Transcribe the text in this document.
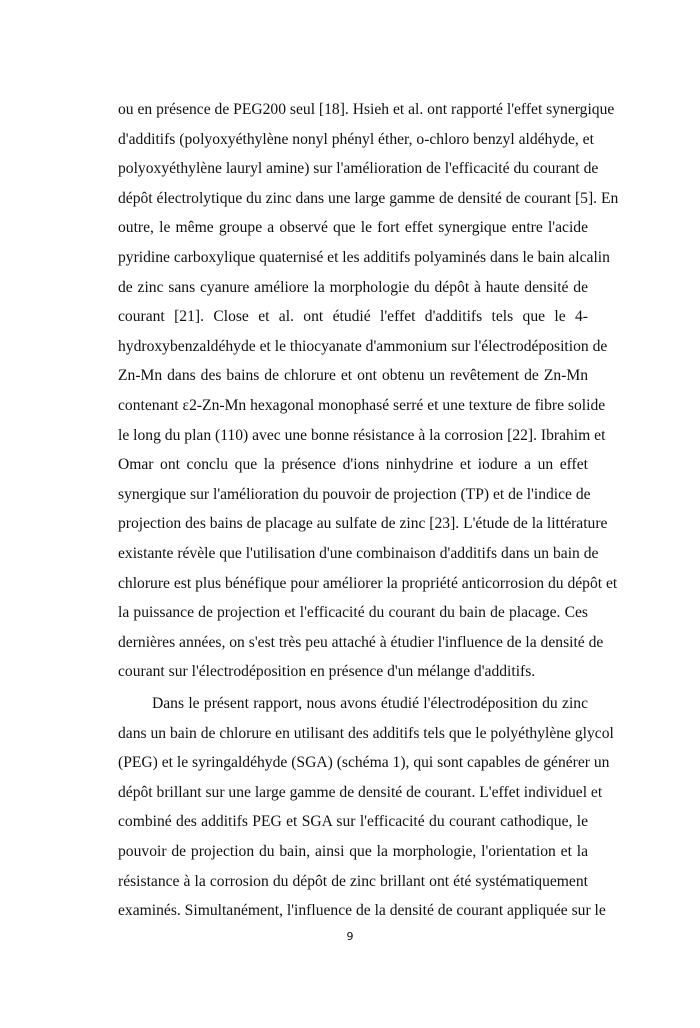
ou en présence de PEG200 seul [18]. Hsieh et al. ont rapporté l'effet synergique
d'additifs (polyoxyéthylène nonyl phényl éther, o-chloro benzyl aldéhyde, et
polyoxyéthylène lauryl amine) sur l'amélioration de l'efficacité du courant de
dépôt électrolytique du zinc dans une large gamme de densité de courant [5]. En
outre, le même groupe a observé que le fort effet synergique entre l'acide
pyridine carboxylique quaternisé et les additifs polyaminés dans le bain alcalin
de zinc sans cyanure améliore la morphologie du dépôt à haute densité de
courant [21]. Close et al. ont étudié l'effet d'additifs tels que le 4-
hydroxybenzaldéhyde et le thiocyanate d'ammonium sur l'électrodéposition de
Zn-Mn dans des bains de chlorure et ont obtenu un revêtement de Zn-Mn
contenant ε2-Zn-Mn hexagonal monophasé serré et une texture de fibre solide
le long du plan (110) avec une bonne résistance à la corrosion [22]. Ibrahim et
Omar ont conclu que la présence d'ions ninhydrine et iodure a un effet
synergique sur l'amélioration du pouvoir de projection (TP) et de l'indice de
projection des bains de placage au sulfate de zinc [23]. L'étude de la littérature
existante révèle que l'utilisation d'une combinaison d'additifs dans un bain de
chlorure est plus bénéfique pour améliorer la propriété anticorrosion du dépôt et
la puissance de projection et l'efficacité du courant du bain de placage. Ces
dernières années, on s'est très peu attaché à étudier l'influence de la densité de
courant sur l'électrodéposition en présence d'un mélange d'additifs.
Dans le présent rapport, nous avons étudié l'électrodéposition du zinc
dans un bain de chlorure en utilisant des additifs tels que le polyéthylène glycol
(PEG) et le syringaldéhyde (SGA) (schéma 1), qui sont capables de générer un
dépôt brillant sur une large gamme de densité de courant. L'effet individuel et
combiné des additifs PEG et SGA sur l'efficacité du courant cathodique, le
pouvoir de projection du bain, ainsi que la morphologie, l'orientation et la
résistance à la corrosion du dépôt de zinc brillant ont été systématiquement
examinés. Simultanément, l'influence de la densité de courant appliquée sur le
9
